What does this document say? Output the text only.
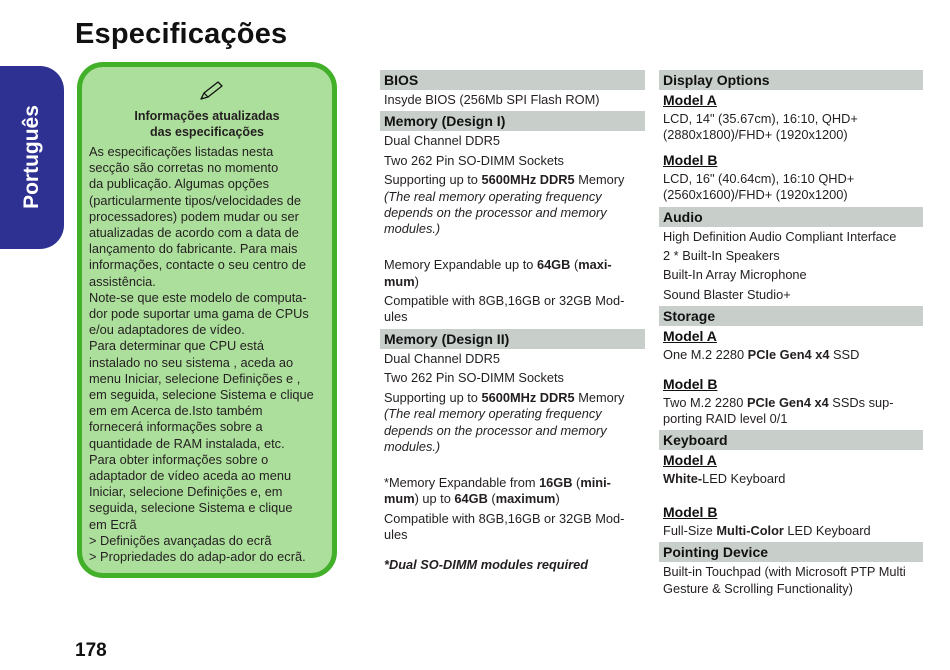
Especificações
Português	Informações atualizadas
das especificações
As especificações listadas nesta
secção são corretas no momento
da publicação. Algumas opções
(particularmente tipos/velocidades de
processadores) podem mudar ou ser
atualizadas de acordo com a data de
lançamento do fabricante. Para mais
informações, contacte o seu centro de
assistência.
Note-se que este modelo de computa-
dor pode suportar uma gama de CPUs
e/ou adaptadores de vídeo.
Para determinar que CPU está
instalado no seu sistema , aceda ao
menu Iniciar, selecione Definições e ,
em seguida, selecione Sistema e clique
em em Acerca de.Isto também
fornecerá informações sobre a
quantidade de RAM instalada, etc.
Para obter informações sobre o
adaptador de vídeo aceda ao menu
Iniciar, selecione Definições e, em
seguida, selecione Sistema e clique
em Ecrã
> Definições avançadas do ecrã
> Propriedades do adap-ador do ecrã.
BIOS
Insyde BIOS (256Mb SPI Flash ROM)
Memory (Design I)
Dual Channel DDR5
Two 262 Pin SO-DIMM Sockets
Supporting up to 5600MHz DDR5 Memory
(The real memory operating frequency depends on the processor and memory modules.)

Memory Expandable up to 64GB (maxi-
mum)

Compatible with 8GB,16GB or 32GB Mod-
ules
Memory (Design II)
Dual Channel DDR5
Two 262 Pin SO-DIMM Sockets
Supporting up to 5600MHz DDR5 Memory
(The real memory operating frequency depends on the processor and memory modules.)

*Memory Expandable from 16GB (mini-
mum) up to 64GB (maximum)

Compatible with 8GB,16GB or 32GB Mod-
ules
*Dual SO-DIMM modules required
Display Options
Model A
LCD, 14" (35.67cm), 16:10, QHD+
(2880x1800)/FHD+ (1920x1200)
Model B
LCD, 16" (40.64cm), 16:10 QHD+
(2560x1600)/FHD+ (1920x1200)
Audio
High Definition Audio Compliant Interface
2 * Built-In Speakers
Built-In Array Microphone
Sound Blaster Studio+
Storage
Model A
One M.2 2280 PCIe Gen4 x4 SSD
Model B
Two M.2 2280 PCIe Gen4 x4 SSDs sup-
porting RAID level 0/1
Keyboard
Model A
White-LED Keyboard
Model B
Full-Size Multi-Color LED Keyboard
Pointing Device
Built-in Touchpad (with Microsoft PTP Multi
Gesture & Scrolling Functionality)
178
